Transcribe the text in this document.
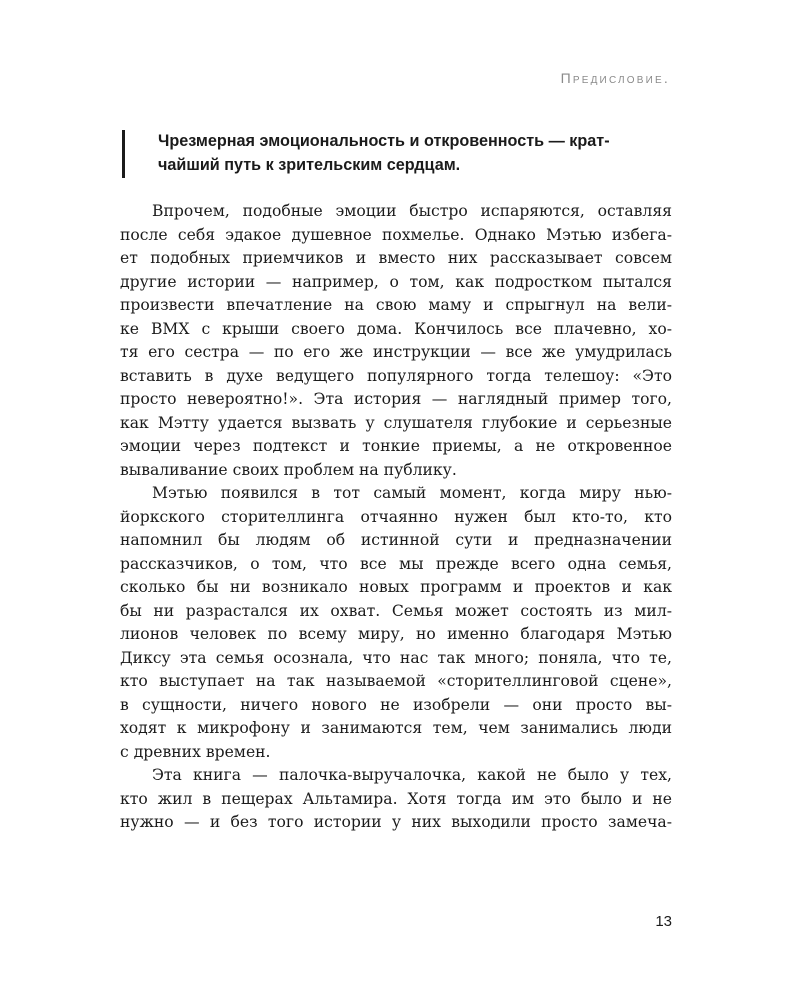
Предисловие.

Чрезмерная эмоциональность и откровенность — крат-
чайший путь к зрительским сердцам.

Впрочем, подобные эмоции быстро испаряются, оставляя
после себя эдакое душевное похмелье. Однако Мэтью избега-
ет подобных приемчиков и вместо них рассказывает совсем
другие истории — например, о том, как подростком пытался
произвести впечатление на свою маму и спрыгнул на вели-
ке BMX с крыши своего дома. Кончилось все плачевно, хо-
тя его сестра — по его же инструкции — все же умудрилась
вставить в духе ведущего популярного тогда телешоу: «Это
просто невероятно!». Эта история — наглядный пример того,
как Мэтту удается вызвать у слушателя глубокие и серьезные
эмоции через подтекст и тонкие приемы, а не откровенное
вываливание своих проблем на публику.

Мэтью появился в тот самый момент, когда миру нью-
йоркского сторителлинга отчаянно нужен был кто-то, кто
напомнил бы людям об истинной сути и предназначении
рассказчиков, о том, что все мы прежде всего одна семья,
сколько бы ни возникало новых программ и проектов и как
бы ни разрастался их охват. Семья может состоять из мил-
лионов человек по всему миру, но именно благодаря Мэтью
Диксу эта семья осознала, что нас так много; поняла, что те,
кто выступает на так называемой «сторителлинговой сцене»,
в сущности, ничего нового не изобрели — они просто вы-
ходят к микрофону и занимаются тем, чем занимались люди
с древних времен.

Эта книга — палочка-выручалочка, какой не было у тех,
кто жил в пещерах Альтамира. Хотя тогда им это было и не
нужно — и без того истории у них выходили просто замеча-

13
